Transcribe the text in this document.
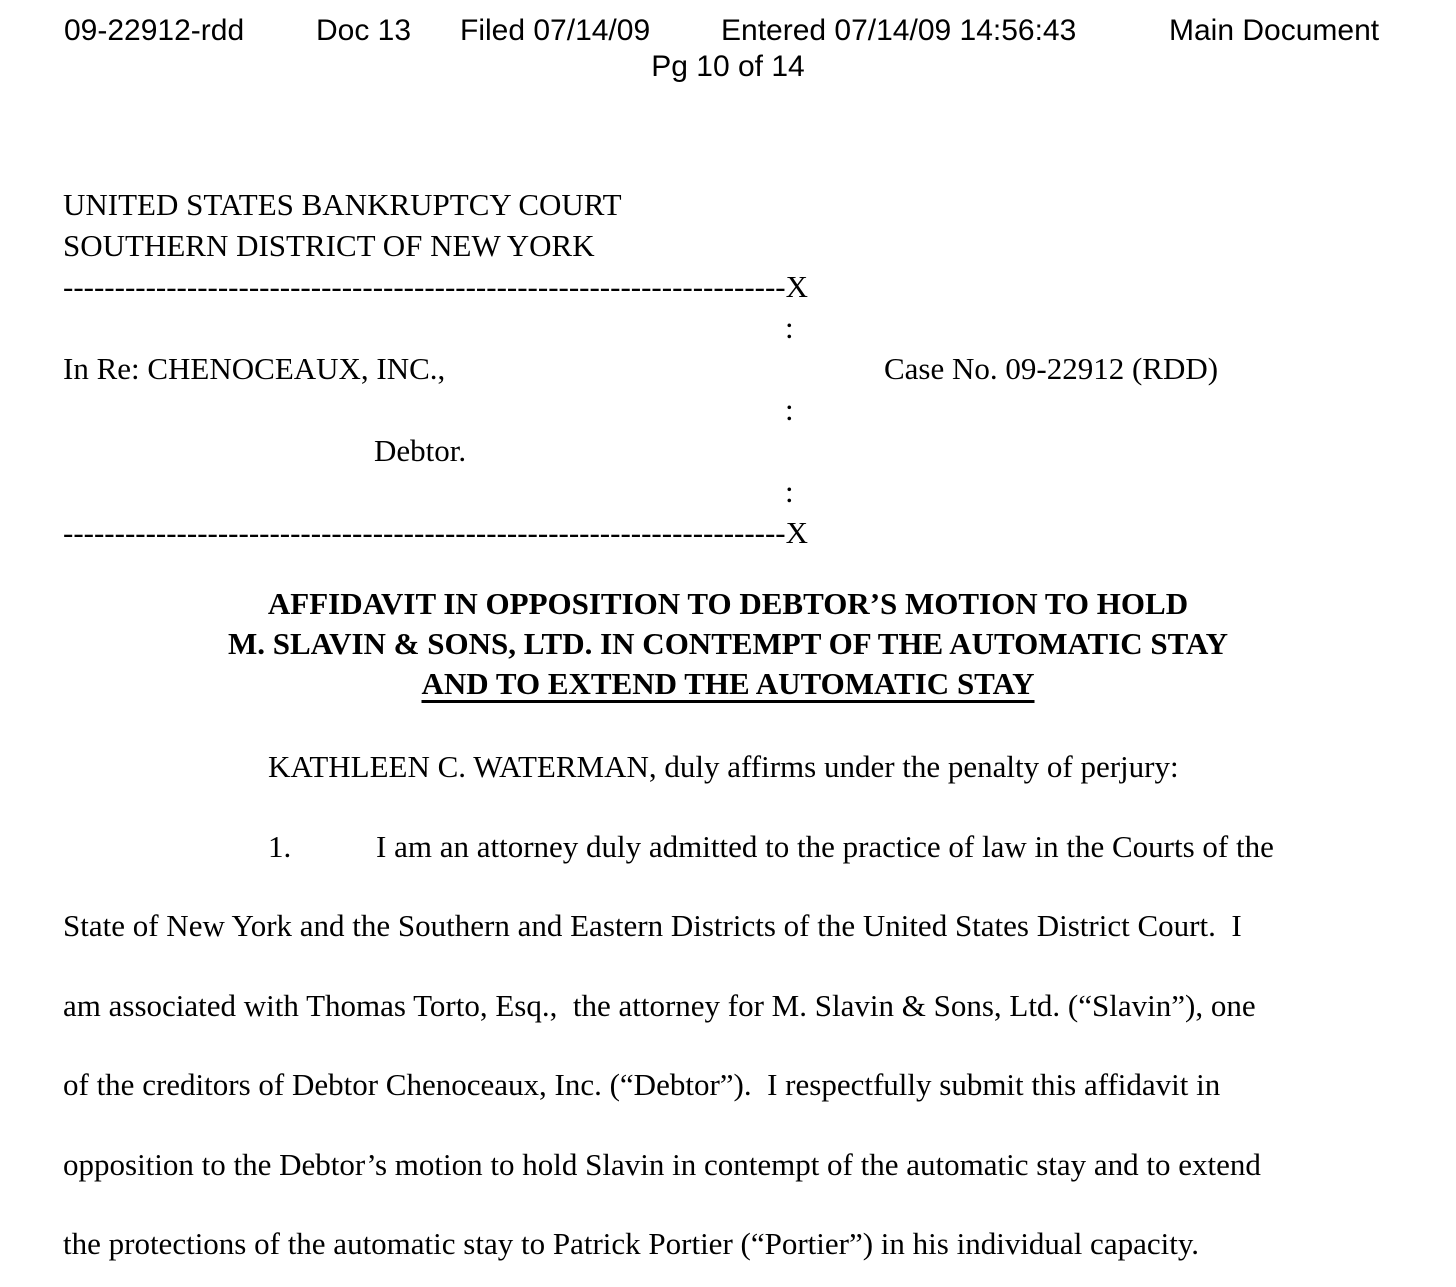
09-22912-rdd Doc 13 Filed 07/14/09 Entered 07/14/09 14:56:43	Main Document
Pg 10 of 14
UNITED STATES BANKRUPTCY COURT
SOUTHERN DISTRICT OF NEW YORK
----------------------------------------------------------------------X
:
In Re: CHENOCEAUX, INC.,	Case No. 09-22912 (RDD)
:
Debtor.
:
----------------------------------------------------------------------X
AFFIDAVIT IN OPPOSITION TO DEBTOR’S MOTION TO HOLD
M. SLAVIN & SONS, LTD. IN CONTEMPT OF THE AUTOMATIC STAY
AND TO EXTEND THE AUTOMATIC STAY
KATHLEEN C. WATERMAN, duly affirms under the penalty of perjury:
1.	I am an attorney duly admitted to the practice of law in the Courts of the
State of New York and the Southern and Eastern Districts of the United States District Court.  I
am associated with Thomas Torto, Esq.,  the attorney for M. Slavin & Sons, Ltd. (“Slavin”), one
of the creditors of Debtor Chenoceaux, Inc. (“Debtor”).  I respectfully submit this affidavit in
opposition to the Debtor’s motion to hold Slavin in contempt of the automatic stay and to extend
the protections of the automatic stay to Patrick Portier (“Portier”) in his individual capacity.
